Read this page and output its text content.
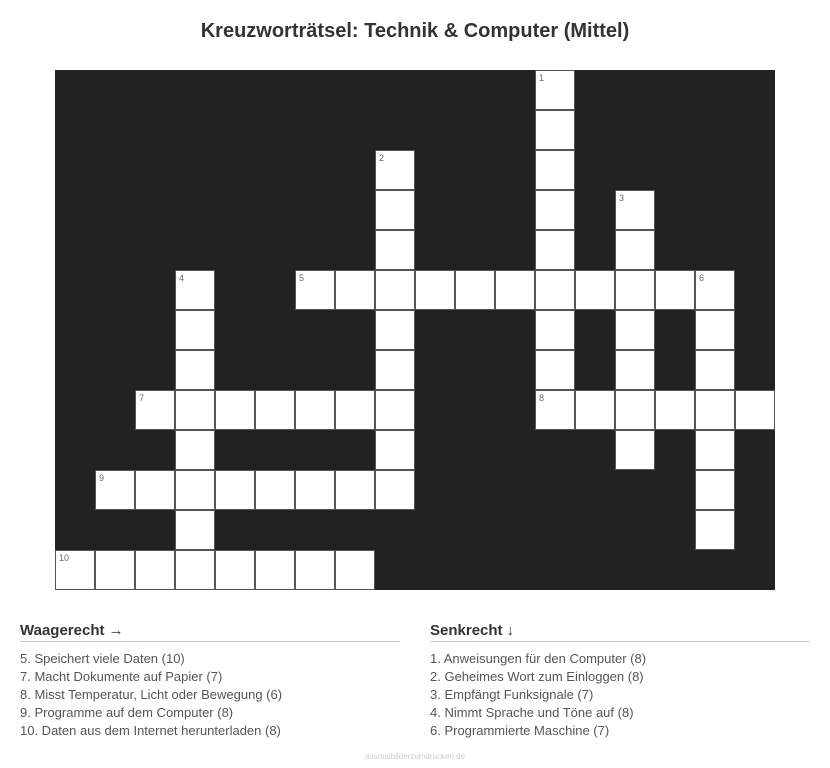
Kreuzworträtsel: Technik & Computer (Mittel)
1
2
3
4	5	6
7	8
9
10
Waagerecht →
5. Speichert viele Daten (10)
7. Macht Dokumente auf Papier (7)
8. Misst Temperatur, Licht oder Bewegung (6)
9. Programme auf dem Computer (8)
10. Daten aus dem Internet herunterladen (8)
Senkrecht ↓
1. Anweisungen für den Computer (8)
2. Geheimes Wort zum Einloggen (8)
3. Empfängt Funksignale (7)
4. Nimmt Sprache und Töne auf (8)
6. Programmierte Maschine (7)
ausmalbilderzumdrucken.de
